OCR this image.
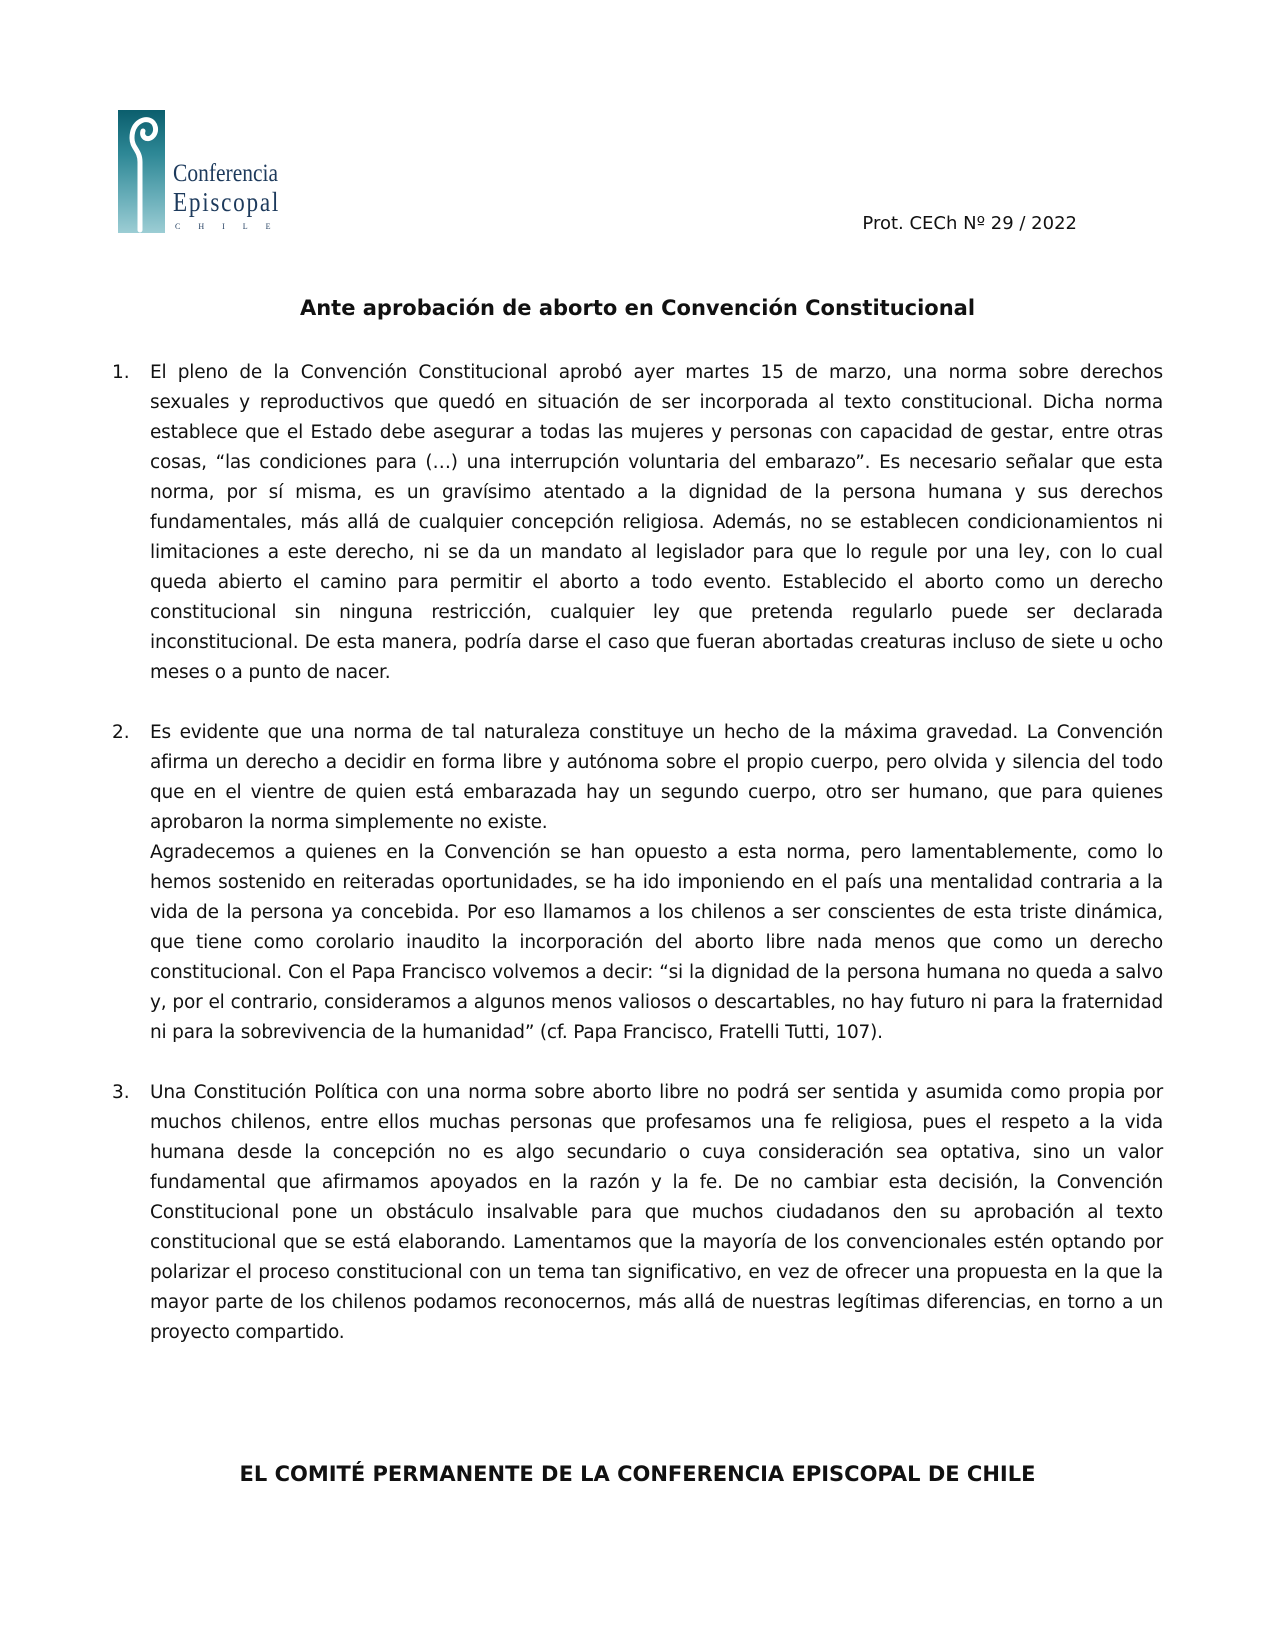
Conferencia
Episcopal
CHILE	Prot. CECh Nº 29 / 2022
Ante aprobación de aborto en Convención Constitucional
1. El pleno de la Convención Constitucional aprobó ayer martes 15 de marzo, una norma sobre derechos sexuales y reproductivos que quedó en situación de ser incorporada al texto constitucional. Dicha norma establece que el Estado debe asegurar a todas las mujeres y personas con capacidad de gestar, entre otras cosas, “las condiciones para (…) una interrupción voluntaria del embarazo”. Es necesario señalar que esta norma, por sí misma, es un gravísimo atentado a la dignidad de la persona humana y sus derechos fundamentales, más allá de cualquier concepción religiosa. Además, no se establecen condicionamientos ni limitaciones a este derecho, ni se da un mandato al legislador para que lo regule por una ley, con lo cual queda abierto el camino para permitir el aborto a todo evento. Establecido el aborto como un derecho constitucional sin ninguna restricción, cualquier ley que pretenda regularlo puede ser declarada inconstitucional. De esta manera, podría darse el caso que fueran abortadas creaturas incluso de siete u ocho meses o a punto de nacer.

2. Es evidente que una norma de tal naturaleza constituye un hecho de la máxima gravedad. La Convención afirma un derecho a decidir en forma libre y autónoma sobre el propio cuerpo, pero olvida y silencia del todo que en el vientre de quien está embarazada hay un segundo cuerpo, otro ser humano, que para quienes aprobaron la norma simplemente no existe.

Agradecemos a quienes en la Convención se han opuesto a esta norma, pero lamentablemente, como lo hemos sostenido en reiteradas oportunidades, se ha ido imponiendo en el país una mentalidad contraria a la vida de la persona ya concebida. Por eso llamamos a los chilenos a ser conscientes de esta triste dinámica, que tiene como corolario inaudito la incorporación del aborto libre nada menos que como un derecho constitucional. Con el Papa Francisco volvemos a decir: “si la dignidad de la persona humana no queda a salvo y, por el contrario, consideramos a algunos menos valiosos o descartables, no hay futuro ni para la fraternidad ni para la sobrevivencia de la humanidad” (cf. Papa Francisco, Fratelli Tutti, 107).

3. Una Constitución Política con una norma sobre aborto libre no podrá ser sentida y asumida como propia por muchos chilenos, entre ellos muchas personas que profesamos una fe religiosa, pues el respeto a la vida humana desde la concepción no es algo secundario o cuya consideración sea optativa, sino un valor fundamental que afirmamos apoyados en la razón y la fe. De no cambiar esta decisión, la Convención Constitucional pone un obstáculo insalvable para que muchos ciudadanos den su aprobación al texto constitucional que se está elaborando. Lamentamos que la mayoría de los convencionales estén optando por polarizar el proceso constitucional con un tema tan significativo, en vez de ofrecer una propuesta en la que la mayor parte de los chilenos podamos reconocernos, más allá de nuestras legítimas diferencias, en torno a un proyecto compartido.

EL COMITÉ PERMANENTE DE LA CONFERENCIA EPISCOPAL DE CHILE
